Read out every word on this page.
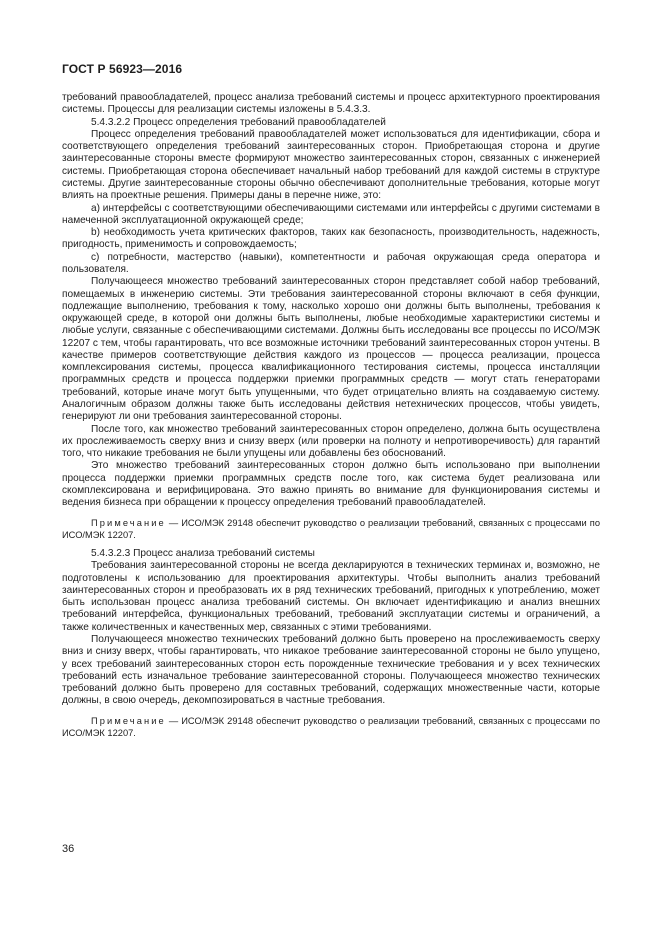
ГОСТ Р 56923—2016

требований правообладателей, процесс анализа требований системы и процесс архитектурного проектирования системы. Процессы для реализации системы изложены в 5.4.3.3.

5.4.3.2.2 Процесс определения требований правообладателей

Процесс определения требований правообладателей может использоваться для идентификации, сбора и соответствующего определения требований заинтересованных сторон. Приобретающая сторона и другие заинтересованные стороны вместе формируют множество заинтересованных сторон, связанных с инженерией системы. Приобретающая сторона обеспечивает начальный набор требований для каждой системы в структуре системы. Другие заинтересованные стороны обычно обеспечивают дополнительные требования, которые могут влиять на проектные решения. Примеры даны в перечне ниже, это:

a) интерфейсы с соответствующими обеспечивающими системами или интерфейсы с другими системами в намеченной эксплуатационной окружающей среде;

b) необходимость учета критических факторов, таких как безопасность, производительность, надежность, пригодность, применимость и сопровождаемость;

c) потребности, мастерство (навыки), компетентности и рабочая окружающая среда оператора и пользователя.

Получающееся множество требований заинтересованных сторон представляет собой набор требований, помещаемых в инженерию системы. Эти требования заинтересованной стороны включают в себя функции, подлежащие выполнению, требования к тому, насколько хорошо они должны быть выполнены, требования к окружающей среде, в которой они должны быть выполнены, любые необходимые характеристики системы и любые услуги, связанные с обеспечивающими системами. Должны быть исследованы все процессы по ИСО/МЭК 12207 с тем, чтобы гарантировать, что все возможные источники требований заинтересованных сторон учтены. В качестве примеров соответствующие действия каждого из процессов — процесса реализации, процесса комплексирования системы, процесса квалификационного тестирования системы, процесса инсталляции программных средств и процесса поддержки приемки программных средств — могут стать генераторами требований, которые иначе могут быть упущенными, что будет отрицательно влиять на создаваемую систему. Аналогичным образом должны также быть исследованы действия нетехнических процессов, чтобы увидеть, генерируют ли они требования заинтересованной стороны.

После того, как множество требований заинтересованных сторон определено, должна быть осуществлена их прослеживаемость сверху вниз и снизу вверх (или проверки на полноту и непротиворечивость) для гарантий того, что никакие требования не были упущены или добавлены без обоснований.

Это множество требований заинтересованных сторон должно быть использовано при выполнении процесса поддержки приемки программных средств после того, как система будет реализована или скомплексирована и верифицирована. Это важно принять во внимание для функционирования системы и ведения бизнеса при обращении к процессу определения требований правообладателей.

Примечание — ИСО/МЭК 29148 обеспечит руководство о реализации требований, связанных с процессами по ИСО/МЭК 12207.

5.4.3.2.3 Процесс анализа требований системы

Требования заинтересованной стороны не всегда декларируются в технических терминах и, возможно, не подготовлены к использованию для проектирования архитектуры. Чтобы выполнить анализ требований заинтересованных сторон и преобразовать их в ряд технических требований, пригодных к употреблению, может быть использован процесс анализа требований системы. Он включает идентификацию и анализ внешних требований интерфейса, функциональных требований, требований эксплуатации системы и ограничений, а также количественных и качественных мер, связанных с этими требованиями.

Получающееся множество технических требований должно быть проверено на прослеживаемость сверху вниз и снизу вверх, чтобы гарантировать, что никакое требование заинтересованной стороны не было упущено, у всех требований заинтересованных сторон есть порожденные технические требования и у всех технических требований есть изначальное требование заинтересованной стороны. Получающееся множество технических требований должно быть проверено для составных требований, содержащих множественные части, которые должны, в свою очередь, декомпозироваться в частные требования.

Примечание — ИСО/МЭК 29148 обеспечит руководство о реализации требований, связанных с процессами по ИСО/МЭК 12207.

36
